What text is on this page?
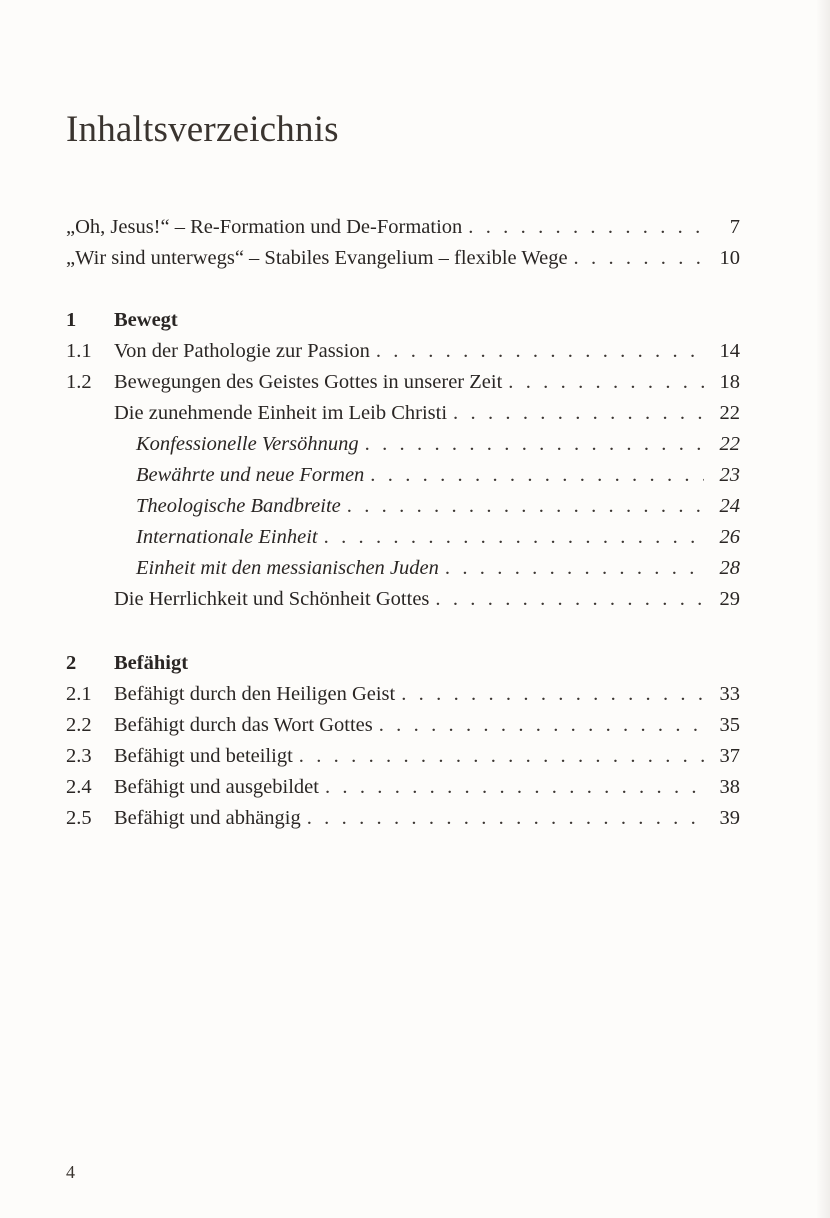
Inhaltsverzeichnis
„Oh, Jesus!“ – Re-Formation und De-Formation . . .	7
„Wir sind unterwegs“ – Stabiles Evangelium – flexible Wege . . .	10
1	Bewegt
1.1	Von der Pathologie zur Passion . . .	14
1.2	Bewegungen des Geistes Gottes in unserer Zeit . . .	18
Die zunehmende Einheit im Leib Christi . . .	22
Konfessionelle Versöhnung . . .	22
Bewährte und neue Formen . . .	23
Theologische Bandbreite . . .	24
Internationale Einheit . . .	26
Einheit mit den messianischen Juden . . .	28
Die Herrlichkeit und Schönheit Gottes . . .	29
2	Befähigt
2.1	Befähigt durch den Heiligen Geist . . .	33
2.2	Befähigt durch das Wort Gottes . . .	35
2.3	Befähigt und beteiligt . . .	37
2.4	Befähigt und ausgebildet . . .	38
2.5	Befähigt und abhängig . . .	39
4
